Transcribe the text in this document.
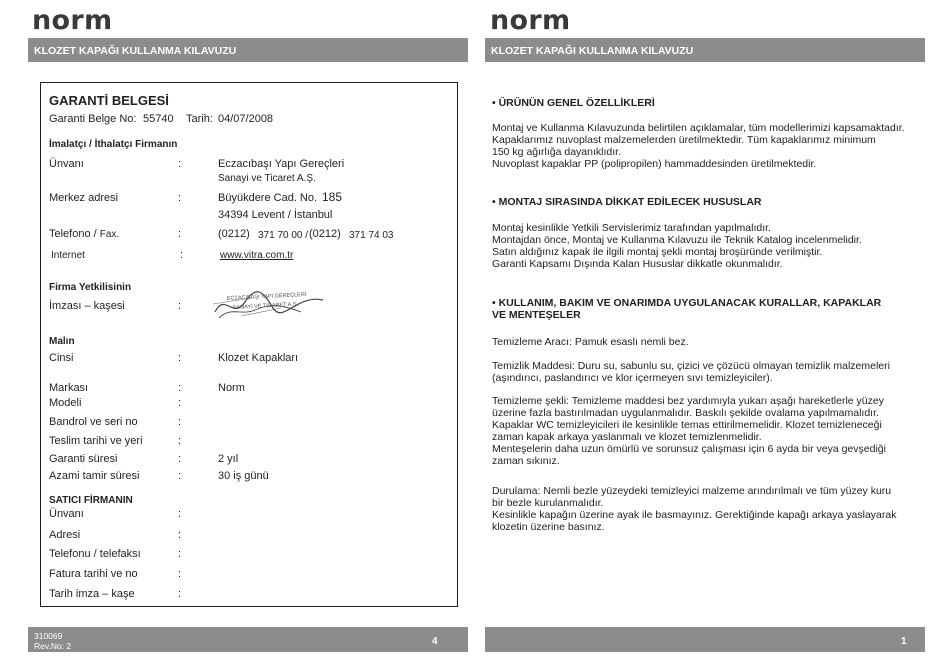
norm	norm
KLOZET KAPAĞI KULLANMA KILAVUZU	KLOZET KAPAĞI KULLANMA KILAVUZU
GARANTİ BELGESİ
Garanti Belge No: 55740 Tarih: 04/07/2008
İmalatçı / İthalatçı Firmanın
Ünvanı	:	Eczacıbaşı Yapı Gereçleri
Sanayi ve Ticaret A.Ş.
Merkez adresi	:	Büyükdere Cad. No. 185
34394 Levent / İstanbul
Telefono / Fax.	:	(0212) 371 70 00 / (0212) 371 74 03
Internet	:	www.vitra.com.tr
Firma Yetkilisinin
İmzası – kaşesi	:
ECZACIBAŞI YAPI GEREÇLERİ
SANAYİ VE TİCARET A.Ş.
Malın
Cinsi	:	Klozet Kapakları
Markası	:	Norm
Modeli	:
Bandrol ve seri no	:
Teslim tarihi ve yeri	:
Garanti süresi	:	2 yıl
Azami tamir süresi	:	30 iş günü
SATICI FİRMANIN
Ünvanı	:
Adresi	:
Telefonu / telefaksı	:
Fatura tarihi ve no	:
Tarih imza – kaşe	:
• ÜRÜNÜN GENEL ÖZELLİKLERİ
Montaj ve Kullanma Kılavuzunda belirtilen açıklamalar, tüm modellerimizi kapsamaktadır.
Kapaklarımız nuvoplast malzemelerden üretilmektedir. Tüm kapaklarımız minimum
150 kg ağırlığa dayanıklıdır.
Nuvoplast kapaklar PP (polipropilen) hammaddesinden üretilmektedir.
• MONTAJ SIRASINDA DİKKAT EDİLECEK HUSUSLAR
Montaj kesinlikle Yetkili Servislerimiz tarafından yapılmalıdır.
Montajdan önce, Montaj ve Kullanma Kılavuzu ile Teknik Katalog incelenmelidir.
Satın aldığınız kapak ile ilgili montaj şekli montaj broşüründe verilmiştir.
Garanti Kapsamı Dışında Kalan Hususlar dikkatle okunmalıdır.
• KULLANIM, BAKIM VE ONARIMDA UYGULANACAK KURALLAR, KAPAKLAR
VE MENTEŞELER
Temizleme Aracı: Pamuk esaslı nemli bez.
Temizlik Maddesi: Duru su, sabunlu su, çizici ve çözücü olmayan temizlik malzemeleri
(aşındırıcı, paslandırıcı ve klor içermeyen sıvı temizleyiciler).
Temizleme şekli: Temizleme maddesi bez yardımıyla yukarı aşağı hareketlerle yüzey
üzerine fazla bastırılmadan uygulanmalıdır. Baskılı şekilde ovalama yapılmamalıdır.
Kapaklar WC temizleyicileri ile kesinlikle temas ettirilmemelidir. Klozet temizleneceği
zaman kapak arkaya yaslanmalı ve klozet temizlenmelidir.
Menteşelerin daha uzun ömürlü ve sorunsuz çalışması için 6 ayda bir veya gevşediği
zaman sıkınız.
Durulama: Nemli bezle yüzeydeki temizleyici malzeme arındırılmalı ve tüm yüzey kuru
bir bezle kurulanmalıdır.
Kesinlikle kapağın üzerine ayak ile basmayınız. Gerektiğinde kapağı arkaya yaslayarak
klozetin üzerine basınız.
310069
Rev.No: 2	4	1
